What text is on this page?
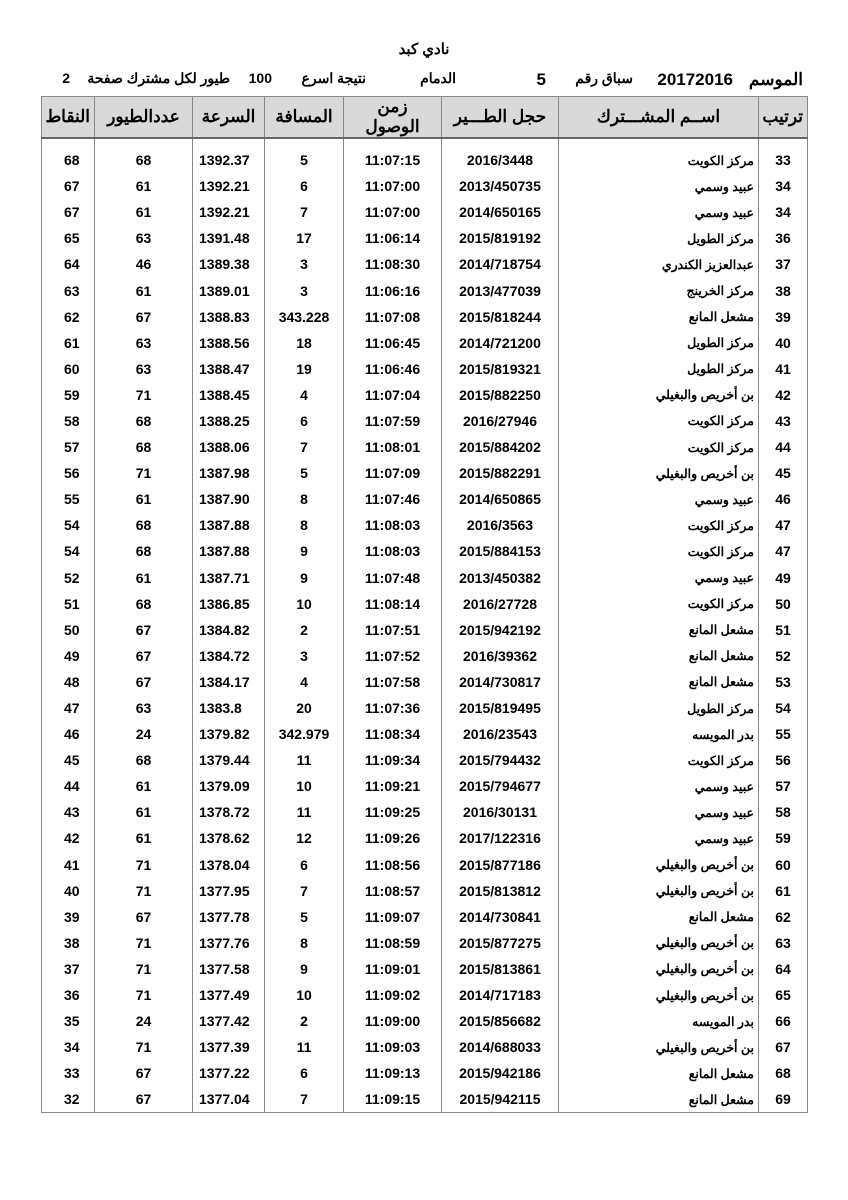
نادي كبد
الموسم
20172016
سباق رقم
5
الدمام
نتيجة اسرع
100
طيور لكل مشترك صفحة
2
ترتيب	اســم المشـــترك	حجل الطـــير	زمن الوصول	المسافة	السرعة	عددالطيور	النقاط

33	مركز الكويت	2016/3448	11:07:15	5	1392.37	68	68
34	عبيد وسمي	2013/450735	11:07:00	6	1392.21	61	67
34	عبيد وسمي	2014/650165	11:07:00	7	1392.21	61	67
36	مركز الطويل	2015/819192	11:06:14	17	1391.48	63	65
37	عبدالعزيز الكندري	2014/718754	11:08:30	3	1389.38	46	64
38	مركز الخرينج	2013/477039	11:06:16	3	1389.01	61	63
39	مشعل المانع	2015/818244	11:07:08	343.228	1388.83	67	62
40	مركز الطويل	2014/721200	11:06:45	18	1388.56	63	61
41	مركز الطويل	2015/819321	11:06:46	19	1388.47	63	60
42	بن أخريص والبغيلي	2015/882250	11:07:04	4	1388.45	71	59
43	مركز الكويت	2016/27946	11:07:59	6	1388.25	68	58
44	مركز الكويت	2015/884202	11:08:01	7	1388.06	68	57
45	بن أخريص والبغيلي	2015/882291	11:07:09	5	1387.98	71	56
46	عبيد وسمي	2014/650865	11:07:46	8	1387.90	61	55
47	مركز الكويت	2016/3563	11:08:03	8	1387.88	68	54
47	مركز الكويت	2015/884153	11:08:03	9	1387.88	68	54
49	عبيد وسمي	2013/450382	11:07:48	9	1387.71	61	52
50	مركز الكويت	2016/27728	11:08:14	10	1386.85	68	51
51	مشعل المانع	2015/942192	11:07:51	2	1384.82	67	50
52	مشعل المانع	2016/39362	11:07:52	3	1384.72	67	49
53	مشعل المانع	2014/730817	11:07:58	4	1384.17	67	48
54	مركز الطويل	2015/819495	11:07:36	20	1383.8	63	47
55	بدر المويسه	2016/23543	11:08:34	342.979	1379.82	24	46
56	مركز الكويت	2015/794432	11:09:34	11	1379.44	68	45
57	عبيد وسمي	2015/794677	11:09:21	10	1379.09	61	44
58	عبيد وسمي	2016/30131	11:09:25	11	1378.72	61	43
59	عبيد وسمي	2017/122316	11:09:26	12	1378.62	61	42
60	بن أخريص والبغيلي	2015/877186	11:08:56	6	1378.04	71	41
61	بن أخريص والبغيلي	2015/813812	11:08:57	7	1377.95	71	40
62	مشعل المانع	2014/730841	11:09:07	5	1377.78	67	39
63	بن أخريص والبغيلي	2015/877275	11:08:59	8	1377.76	71	38
64	بن أخريص والبغيلي	2015/813861	11:09:01	9	1377.58	71	37
65	بن أخريص والبغيلي	2014/717183	11:09:02	10	1377.49	71	36
66	بدر المويسه	2015/856682	11:09:00	2	1377.42	24	35
67	بن أخريص والبغيلي	2014/688033	11:09:03	11	1377.39	71	34
68	مشعل المانع	2015/942186	11:09:13	6	1377.22	67	33
69	مشعل المانع	2015/942115	11:09:15	7	1377.04	67	32
